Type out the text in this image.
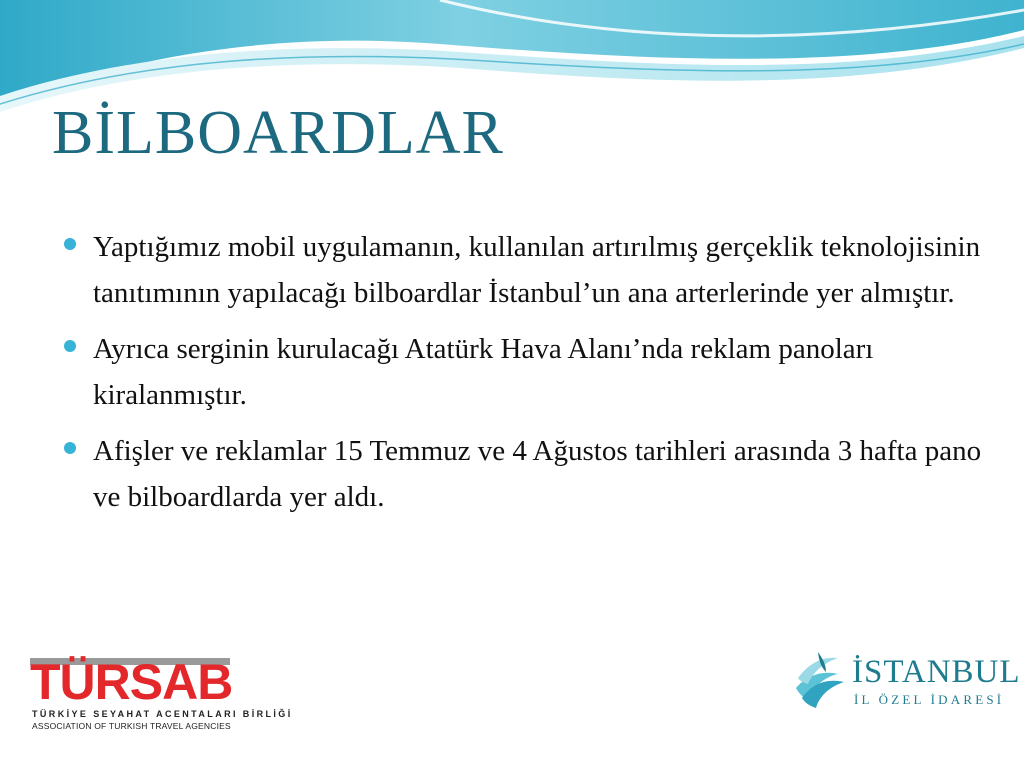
BİLBOARDLAR
Yaptığımız mobil uygulamanın, kullanılan artırılmış gerçeklik teknolojisinin tanıtımının yapılacağı bilboardlar İstanbul’un ana arterlerinde yer almıştır.
Ayrıca serginin kurulacağı Atatürk Hava Alanı’nda reklam panoları kiralanmıştır.
Afişler ve reklamlar 15 Temmuz ve 4 Ağustos tarihleri arasında 3 hafta pano ve bilboardlarda yer aldı.
TÜRSAB
TÜRKİYE SEYAHAT ACENTALARI BİRLİĞİ
ASSOCIATION OF TURKISH TRAVEL AGENCIES
İSTANBUL
İL ÖZEL İDARESİ
